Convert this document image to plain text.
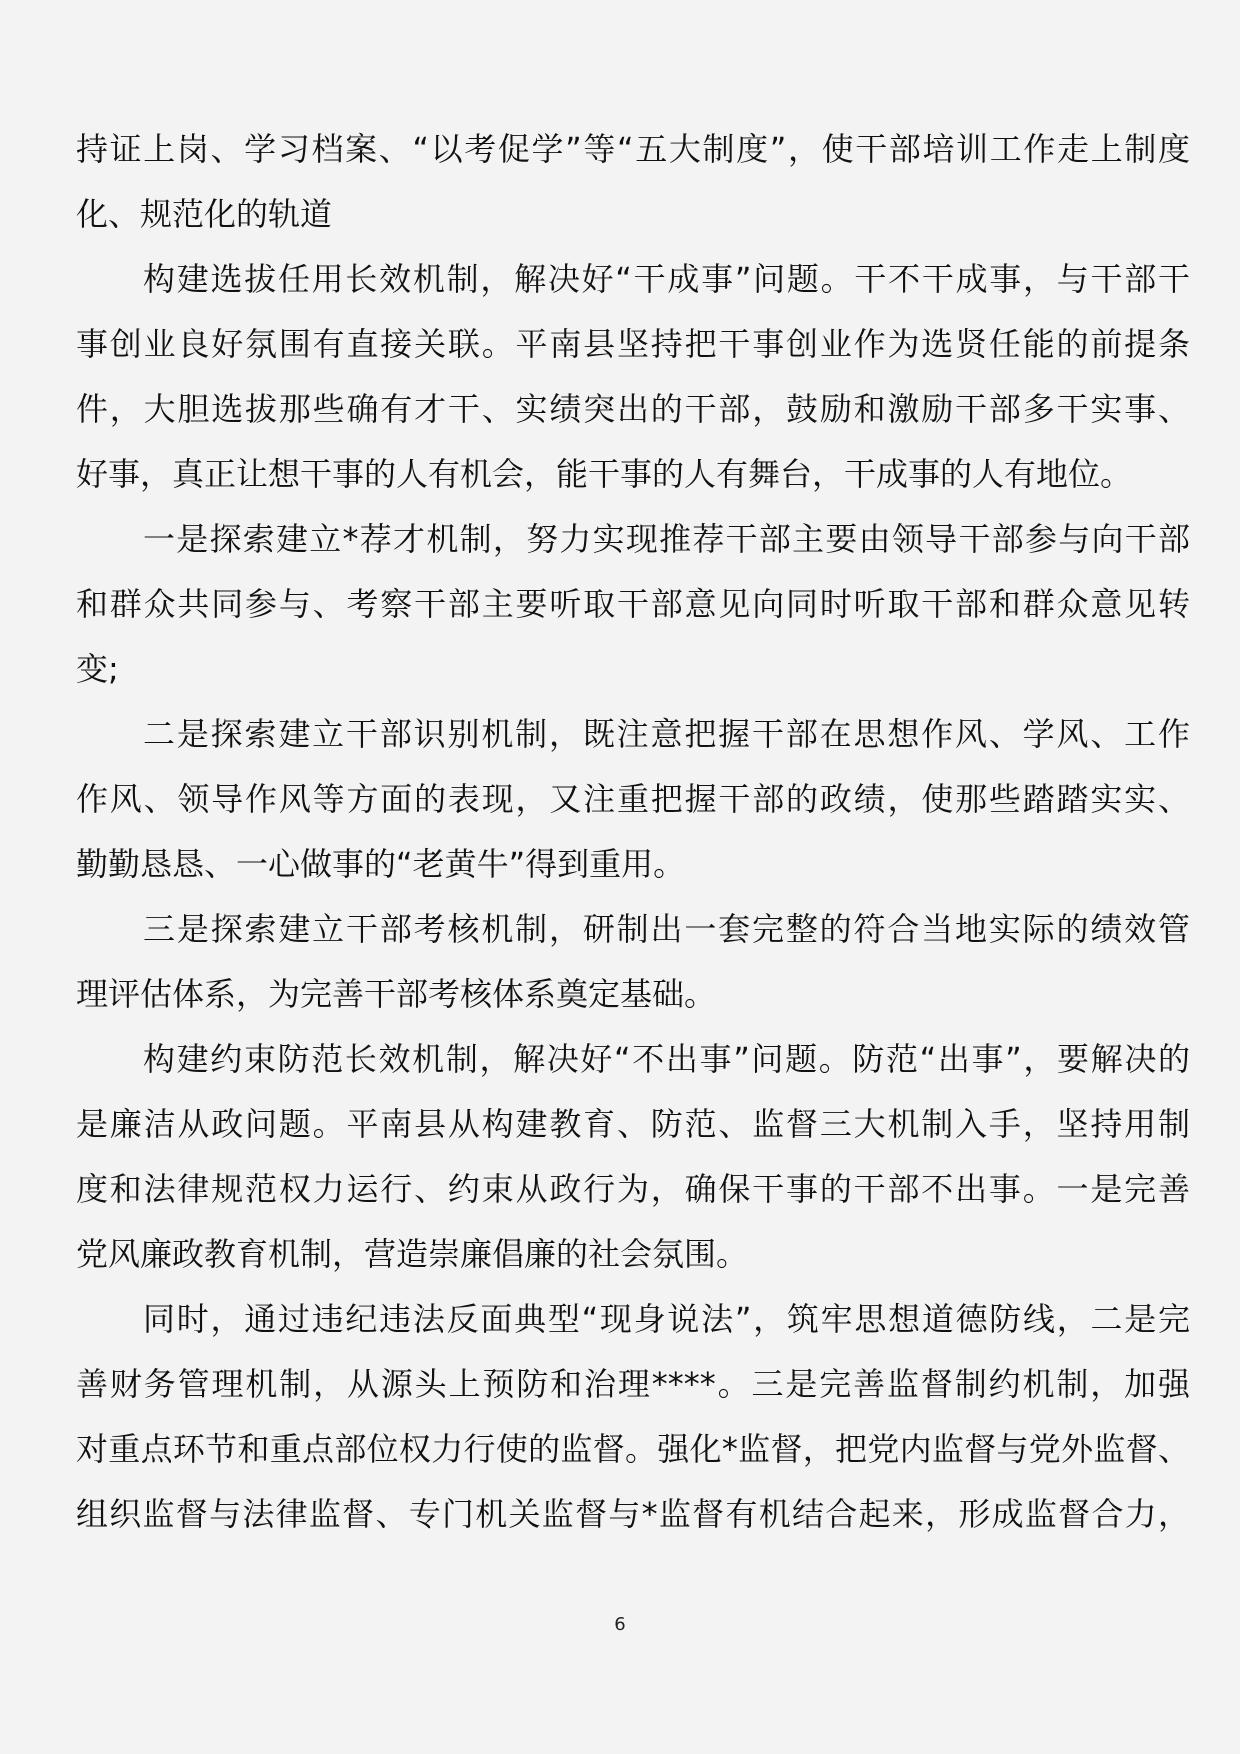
持证上岗、学习档案、“以考促学”等“五大制度”，使干部培训工作走上制度
化、规范化的轨道
构建选拔任用长效机制，解决好“干成事”问题。干不干成事，与干部干
事创业良好氛围有直接关联。平南县坚持把干事创业作为选贤任能的前提条
件，大胆选拔那些确有才干、实绩突出的干部，鼓励和激励干部多干实事、
好事，真正让想干事的人有机会，能干事的人有舞台，干成事的人有地位。
一是探索建立*荐才机制，努力实现推荐干部主要由领导干部参与向干部
和群众共同参与、考察干部主要听取干部意见向同时听取干部和群众意见转
变;
二是探索建立干部识别机制，既注意把握干部在思想作风、学风、工作
作风、领导作风等方面的表现，又注重把握干部的政绩，使那些踏踏实实、
勤勤恳恳、一心做事的“老黄牛”得到重用。
三是探索建立干部考核机制，研制出一套完整的符合当地实际的绩效管
理评估体系，为完善干部考核体系奠定基础。
构建约束防范长效机制，解决好“不出事”问题。防范“出事”，要解决的
是廉洁从政问题。平南县从构建教育、防范、监督三大机制入手，坚持用制
度和法律规范权力运行、约束从政行为，确保干事的干部不出事。一是完善
党风廉政教育机制，营造崇廉倡廉的社会氛围。
同时，通过违纪违法反面典型“现身说法”，筑牢思想道德防线，二是完
善财务管理机制，从源头上预防和治理****。三是完善监督制约机制，加强
对重点环节和重点部位权力行使的监督。强化*监督，把党内监督与党外监督、
组织监督与法律监督、专门机关监督与*监督有机结合起来，形成监督合力，
6
